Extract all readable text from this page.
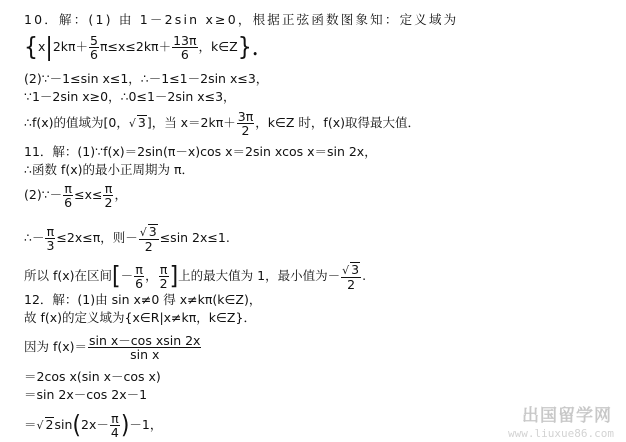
10．解：(1) 由 1－2sin x≥0，根据正弦函数图象知：定义域为
{$x|2k\pi+ \frac{5}{6} \pi\le x\le 2k\pi+ \frac{13\pi}{6}$ ，k∈Z}．
(2)∵－1≤sin x≤1，∴－1≤1－2sin x≤3，
∵1－2sin x≥0，∴0≤1－2sin x≤3，
∴f(x)的值域为[0，√ 3]，当 $x=2k\pi+ \frac{3\pi}{2}$ ，k∈Z 时，f(x)取得最大值．
11．解：(1)∵f(x)＝2sin(π－x)cos x＝2sin xcos x＝sin 2x，
∴函数 f(x)的最小正周期为 π．
(2)∵－ $\frac{\pi}{6} \le x\le \frac{\pi}{2}$ ，
∴－ $\frac{\pi}{3} \le 2x\le\pi$，则－ $\frac{√ 3}{2} \le\sin$ 2x≤1.
所以 f(x)在区间[－ $\frac{\pi}{6}$ ， $\frac{\pi}{2}$ ]上的最大值为 1，最小值为－ $\frac{√ 3}{2}$ .
12．解：(1)由 sin x≠0 得 x≠kπ(k∈Z)，
故 f(x)的定义域为{x∈R|x≠kπ，k∈Z}．
因为 $f(x)= \frac{\text{sin x－cos xsin 2x}}{\text{sin x}}$
＝2cos x(sin x－cos x)
＝sin 2x－cos 2x－1
＝√ $2\sin(2x- \frac{\pi}{4} )-1$，	出国留学网
www.liuxue86.com
